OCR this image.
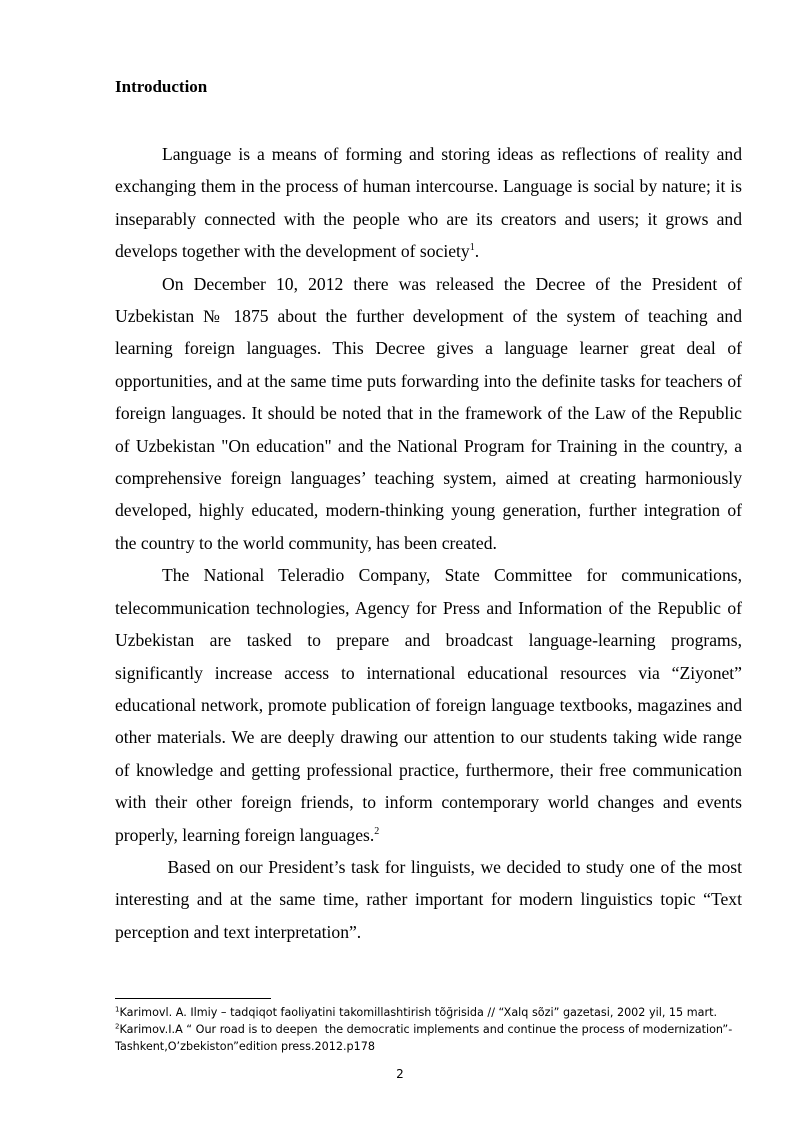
Introduction

Language is a means of forming and storing ideas as reflections of reality and exchanging them in the process of human intercourse. Language is social by nature; it is inseparably connected with the people who are its creators and users; it grows and develops together with the development of society$^1$.

On December 10, 2012 there was released the Decree of the President of Uzbekistan № 1875 about the further development of the system of teaching and learning foreign languages. This Decree gives a language learner great deal of opportunities, and at the same time puts forwarding into the definite tasks for teachers of foreign languages. It should be noted that in the framework of the Law of the Republic of Uzbekistan "On education" and the National Program for Training in the country, a comprehensive foreign languages’ teaching system, aimed at creating harmoniously developed, highly educated, modern-thinking young generation, further integration of the country to the world community, has been created.

The National Teleradio Company, State Committee for communications, telecommunication technologies, Agency for Press and Information of the Republic of Uzbekistan are tasked to prepare and broadcast language-learning programs, significantly increase access to international educational resources via “Ziyonet” educational network, promote publication of foreign language textbooks, magazines and other materials. We are deeply drawing our attention to our students taking wide range of knowledge and getting professional practice, furthermore, their free communication with their other foreign friends, to inform contemporary world changes and events properly, learning foreign languages.$^2$

Based on our President’s task for linguists, we decided to study one of the most interesting and at the same time, rather important for modern linguistics topic “Text perception and text interpretation”.

$^1$Karimovl. A. Ilmiy – tadqiqot faoliyatini takomillashtirish tõğrisida // “Xalq sõzi” gazetasi, 2002 yil, 15 mart.

$^2$Karimov.I.A “ Our road is to deepen  the democratic implements and continue the process of modernization”- Tashkent,O’zbekiston”edition press.2012.p178

2
